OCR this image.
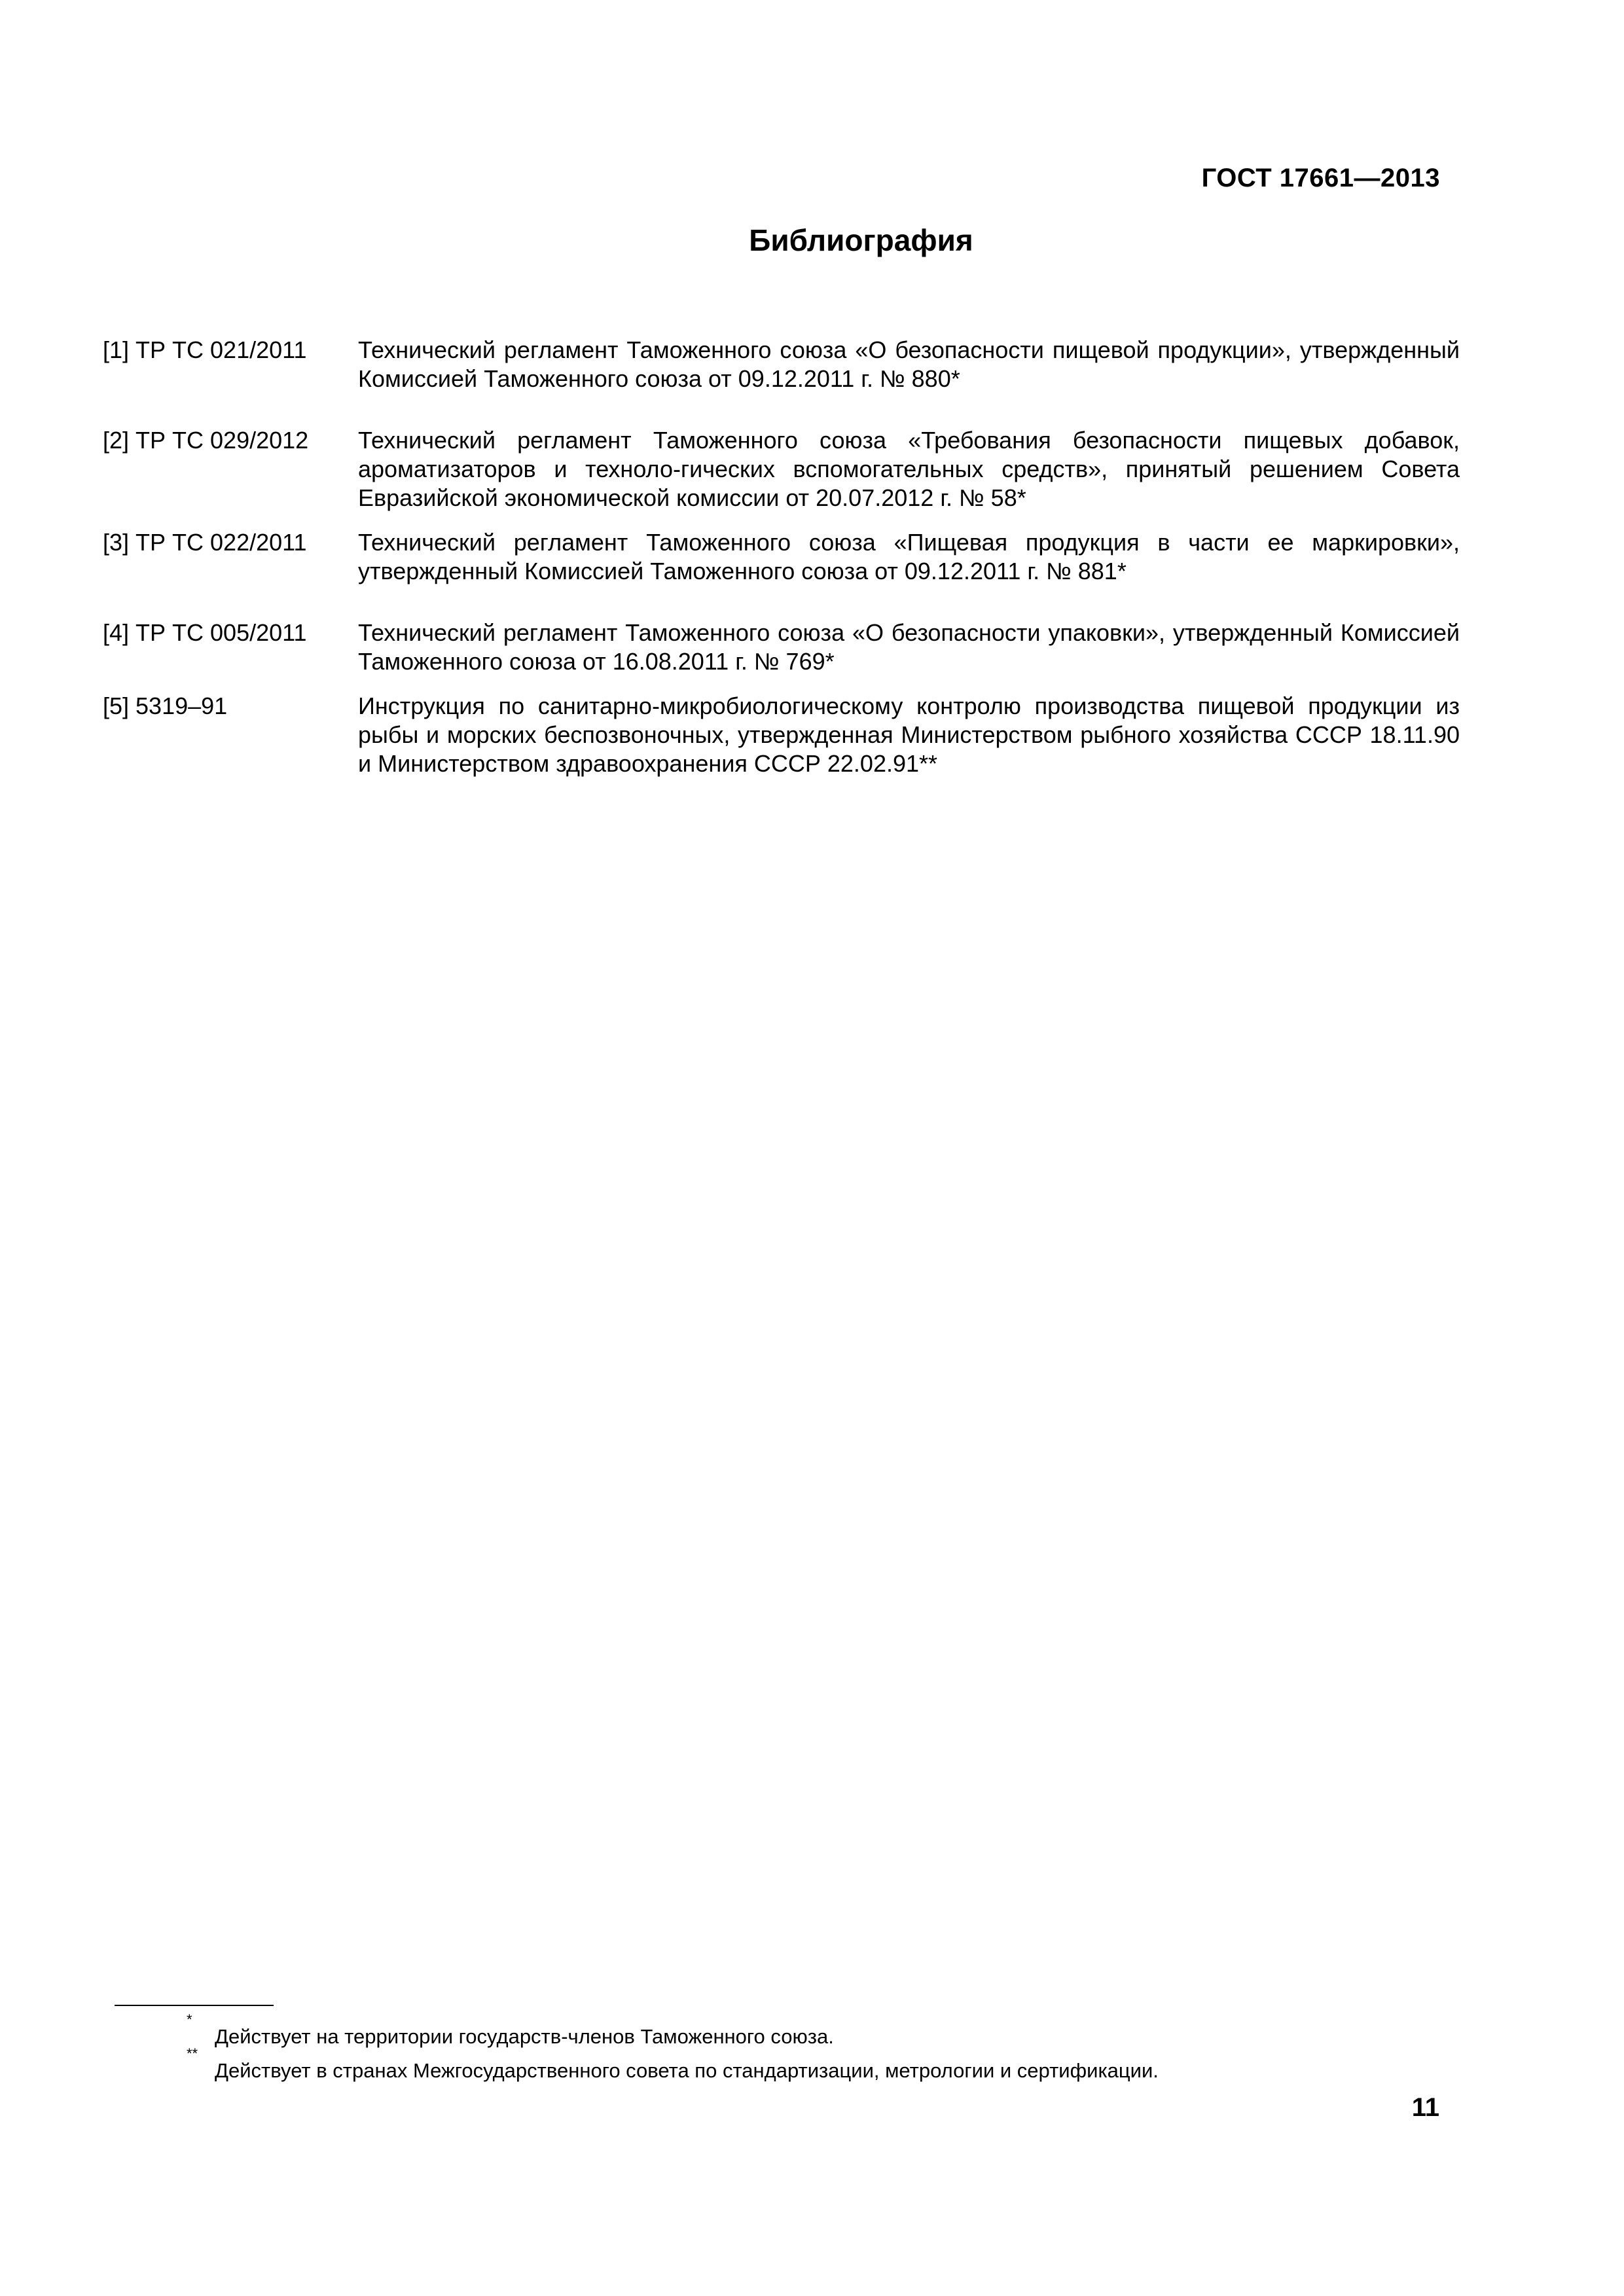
ГОСТ 17661—2013
Библиография
[1] ТР ТС 021/2011	Технический регламент Таможенного союза «О безопасности пищевой продукции», утвержденный Комиссией Таможенного союза от 09.12.2011 г. № 880*
[2] ТР ТС 029/2012	Технический регламент Таможенного союза «Требования безопасности пищевых добавок, ароматизаторов и техноло-гических вспомогательных средств», принятый решением Совета Евразийской экономической комиссии от 20.07.2012 г. № 58*
[3] ТР ТС 022/2011	Технический регламент Таможенного союза «Пищевая продукция в части ее маркировки», утвержденный Комиссией Таможенного союза от 09.12.2011 г. № 881*
[4] ТР ТС 005/2011	Технический регламент Таможенного союза «О безопасности упаковки», утвержденный Комиссией Таможенного союза от 16.08.2011 г. № 769*
[5] 5319–91	Инструкция по санитарно-микробиологическому контролю производства пищевой продукции из рыбы и морских беспозвоночных, утвержденная Министерством рыбного хозяйства СССР 18.11.90 и Министерством здравоохранения СССР 22.02.91**
*
Действует на территории государств-членов Таможенного союза.
**
Действует в странах Межгосударственного совета по стандартизации, метрологии и сертификации.
11
